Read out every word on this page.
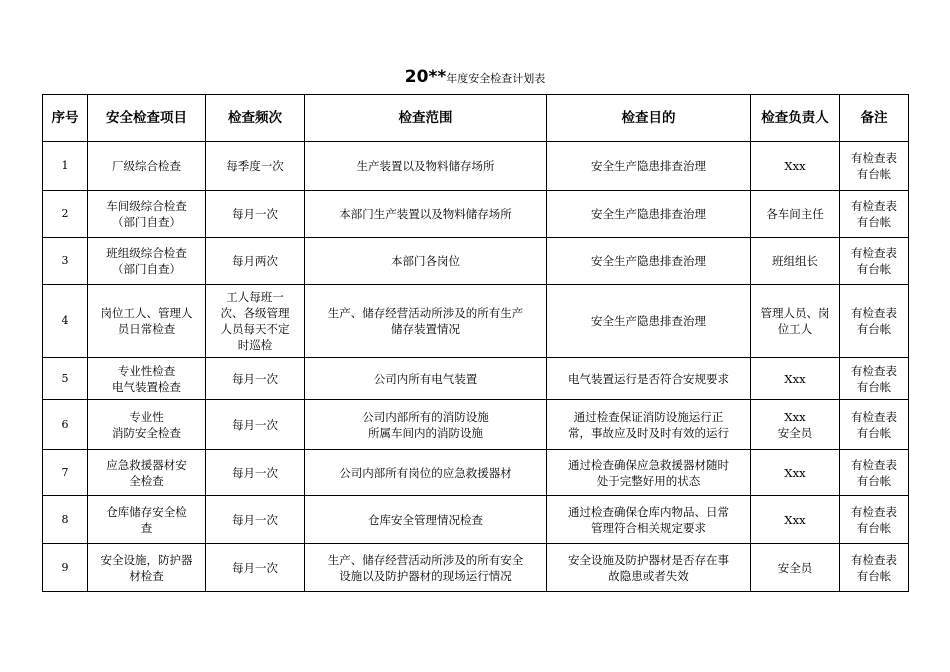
20**年度安全检查计划表
序号	安全检查项目	检查频次	检查范围	检查目的	检查负责人	备注
1	厂级综合检查	每季度一次	生产装置以及物料储存场所	安全生产隐患排查治理	Xxx	有检查表
有台帐

2	车间级综合检查
（部门自查）	每月一次	本部门生产装置以及物料储存场所	安全生产隐患排查治理	各车间主任	有检查表
有台帐

3	班组级综合检查
（部门自查）	每月两次	本部门各岗位	安全生产隐患排查治理	班组组长	有检查表
有台帐

4	岗位工人、管理人
员日常检查	工人每班一
次、各级管理
人员每天不定
时巡检	生产、储存经营活动所涉及的所有生产
储存装置情况	安全生产隐患排查治理	管理人员、岗
位工人	有检查表
有台帐

5	专业性检查
电气装置检查	每月一次	公司内所有电气装置	电气装置运行是否符合安规要求	Xxx	有检查表
有台帐

6	专业性
消防安全检查	每月一次	公司内部所有的消防设施
所属车间内的消防设施	通过检查保证消防设施运行正
常，事故应及时及时有效的运行	Xxx
安全员	有检查表
有台帐

7	应急救援器材安
全检查	每月一次	公司内部所有岗位的应急救援器材	通过检查确保应急救援器材随时
处于完整好用的状态	Xxx	有检查表
有台帐

8	仓库储存安全检
查	每月一次	仓库安全管理情况检查	通过检查确保仓库内物品、日常
管理符合相关规定要求	Xxx	有检查表
有台帐

9	安全设施，防护器
材检查	每月一次	生产、储存经营活动所涉及的所有安全
设施以及防护器材的现场运行情况	安全设施及防护器材是否存在事
故隐患或者失效	安全员	有检查表
有台帐
